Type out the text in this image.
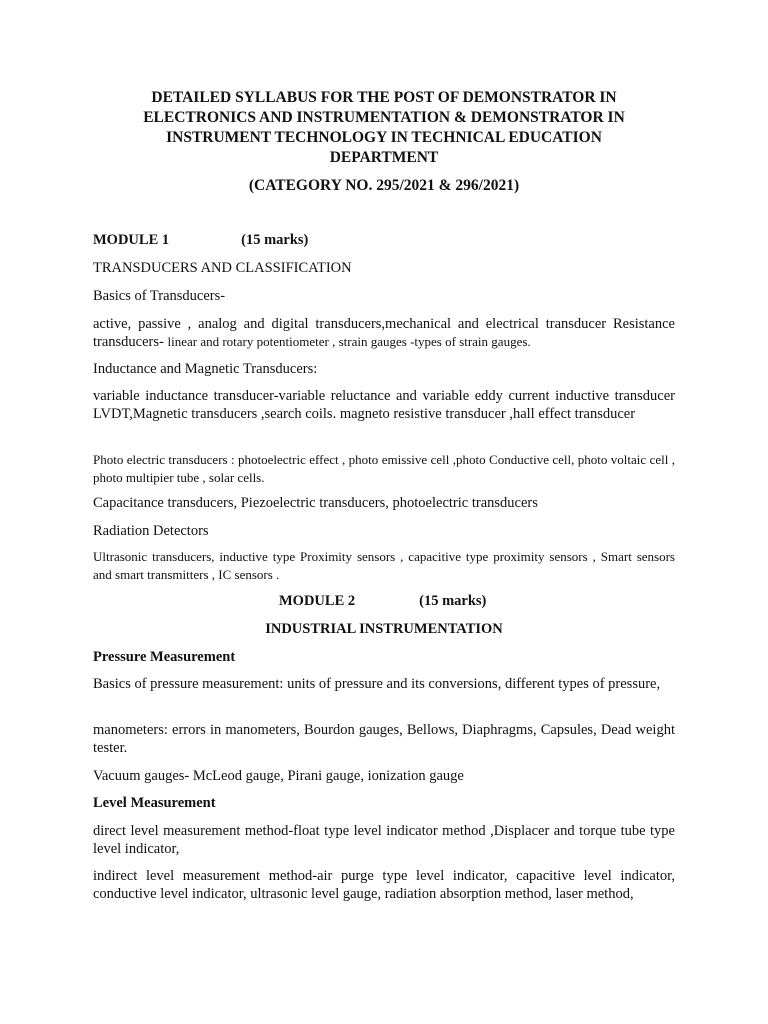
DETAILED SYLLABUS FOR THE POST OF DEMONSTRATOR IN
ELECTRONICS AND INSTRUMENTATION & DEMONSTRATOR IN
INSTRUMENT TECHNOLOGY IN TECHNICAL EDUCATION
DEPARTMENT

(CATEGORY NO. 295/2021 & 296/2021)

MODULE 1	(15 marks)

TRANSDUCERS AND CLASSIFICATION

Basics of Transducers-

active, passive , analog and digital transducers,mechanical and electrical transducer Resistance transducers- linear and rotary potentiometer , strain gauges -types of strain gauges.

Inductance and Magnetic Transducers:

variable inductance transducer-variable reluctance and variable eddy current inductive transducer LVDT,Magnetic transducers ,search coils. magneto resistive transducer ,hall effect transducer

Photo electric transducers : photoelectric effect , photo emissive cell ,photo Conductive cell, photo voltaic cell , photo multipier tube , solar cells.

Capacitance transducers, Piezoelectric transducers, photoelectric transducers

Radiation Detectors

Ultrasonic transducers, inductive type Proximity sensors , capacitive type proximity sensors , Smart sensors and smart transmitters , IC sensors .

MODULE 2	(15 marks)

INDUSTRIAL INSTRUMENTATION

Pressure Measurement

Basics of pressure measurement: units of pressure and its conversions, different types of pressure,

manometers: errors in manometers, Bourdon gauges, Bellows, Diaphragms, Capsules, Dead weight tester.

Vacuum gauges- McLeod gauge, Pirani gauge, ionization gauge

Level Measurement

direct level measurement method-float type level indicator method ,Displacer and torque tube type level indicator,

indirect level measurement method-air purge type level indicator, capacitive level indicator, conductive level indicator, ultrasonic level gauge, radiation absorption method, laser method,
